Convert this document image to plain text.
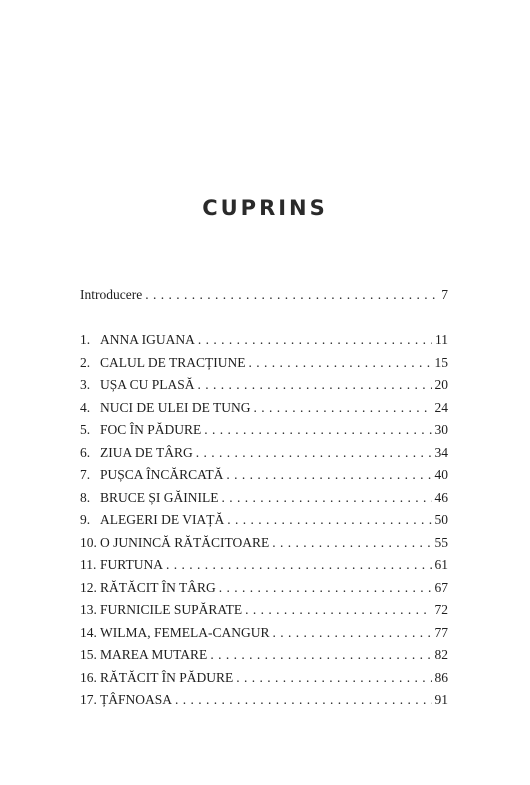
CUPRINS
Introducere . . .	7
1. ANNA IGUANA . . .	11
2. CALUL DE TRACȚIUNE . . .	15
3. UȘA CU PLASĂ . . .	20
4. NUCI DE ULEI DE TUNG . . .	24
5. FOC ÎN PĂDURE . . .	30
6. ZIUA DE TÂRG . . .	34
7. PUȘCA ÎNCĂRCATĂ . . .	40
8. BRUCE ȘI GĂINILE . . .	46
9. ALEGERI DE VIAȚĂ . . .	50
10. O JUNINCĂ RĂTĂCITOARE . . .	55
11. FURTUNA . . .	61
12. RĂTĂCIT ÎN TÂRG . . .	67
13. FURNICILE SUPĂRATE . . .	72
14. WILMA, FEMELA-CANGUR . . .	77
15. MAREA MUTARE . . .	82
16. RĂTĂCIT ÎN PĂDURE . . .	86
17. ȚÂFNOASA . . .	91
